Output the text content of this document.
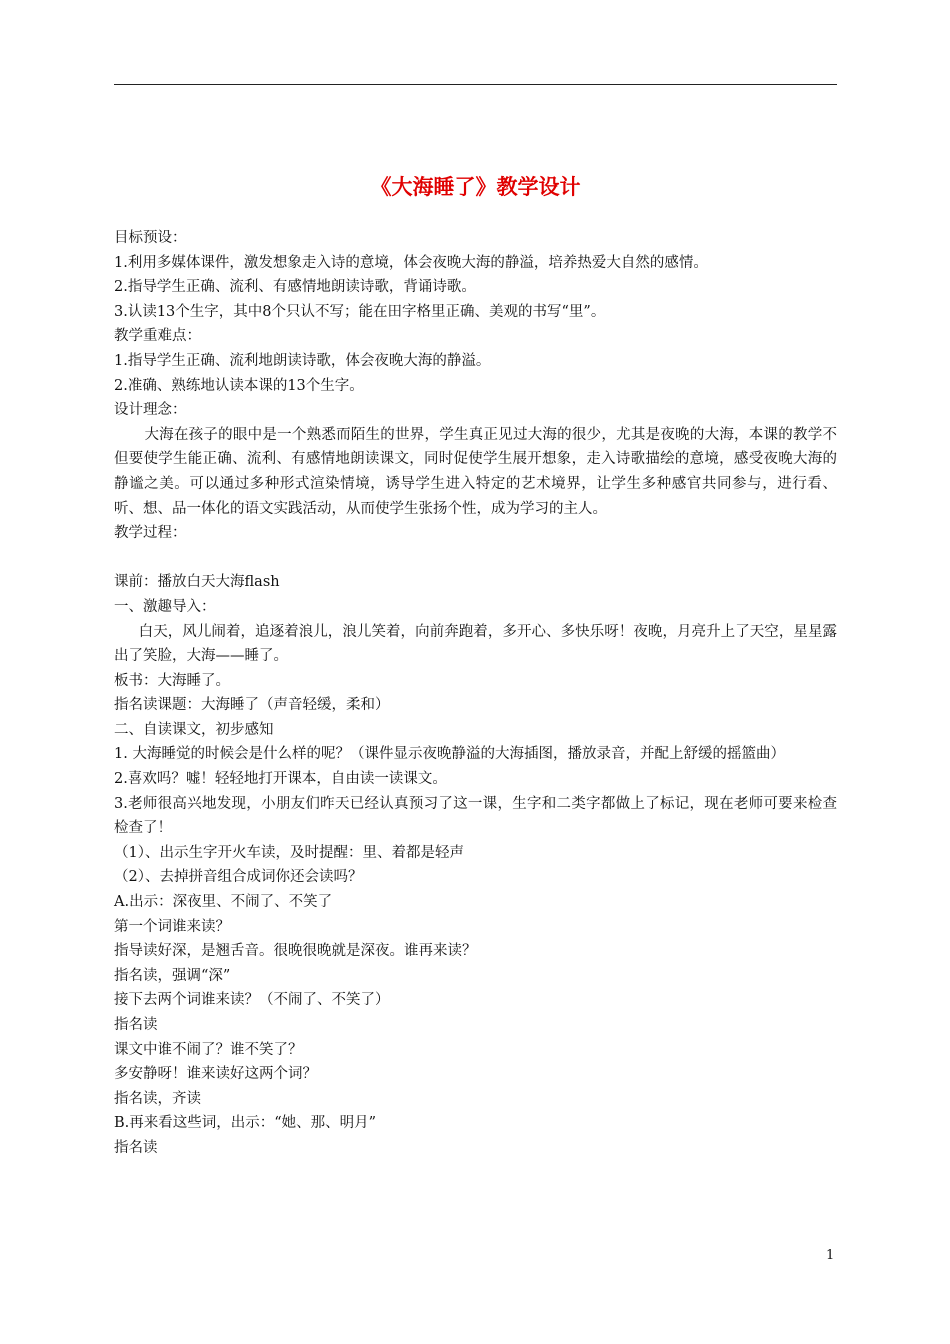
《大海睡了》教学设计

目标预设：

1.利用多媒体课件，激发想象走入诗的意境，体会夜晚大海的静溢，培养热爱大自然的感情。

2.指导学生正确、流利、有感情地朗读诗歌，背诵诗歌。

3.认读13个生字，其中8个只认不写；能在田字格里正确、美观的书写“里”。

教学重难点：

1.指导学生正确、流利地朗读诗歌，体会夜晚大海的静溢。

2.准确、熟练地认读本课的13个生字。

设计理念：

大海在孩子的眼中是一个熟悉而陌生的世界，学生真正见过大海的很少，尤其是夜晚的大海，本课的教学不但要使学生能正确、流利、有感情地朗读课文，同时促使学生展开想象，走入诗歌描绘的意境，感受夜晚大海的静谧之美。可以通过多种形式渲染情境，诱导学生进入特定的艺术境界，让学生多种感官共同参与，进行看、听、想、品一体化的语文实践活动，从而使学生张扬个性，成为学习的主人。

教学过程：

课前：播放白天大海flash

一、激趣导入：

白天，风儿闹着，追逐着浪儿，浪儿笑着，向前奔跑着，多开心、多快乐呀！夜晚，月亮升上了天空，星星露出了笑脸，大海——睡了。

板书：大海睡了。

指名读课题：大海睡了（声音轻缓，柔和）

二、自读课文，初步感知

1. 大海睡觉的时候会是什么样的呢？（课件显示夜晚静溢的大海插图，播放录音，并配上舒缓的摇篮曲）

2.喜欢吗？嘘！轻轻地打开课本，自由读一读课文。

3.老师很高兴地发现，小朋友们昨天已经认真预习了这一课，生字和二类字都做上了标记，现在老师可要来检查检查了！

（1）、出示生字开火车读，及时提醒：里、着都是轻声

（2）、去掉拼音组合成词你还会读吗？

A.出示：深夜里、不闹了、不笑了

第一个词谁来读？

指导读好深，是翘舌音。很晚很晚就是深夜。谁再来读？

指名读，强调“深”

接下去两个词谁来读？（不闹了、不笑了）

指名读

课文中谁不闹了？谁不笑了？

多安静呀！谁来读好这两个词？

指名读，齐读

B.再来看这些词，出示：“她、那、明月”

指名读

1
